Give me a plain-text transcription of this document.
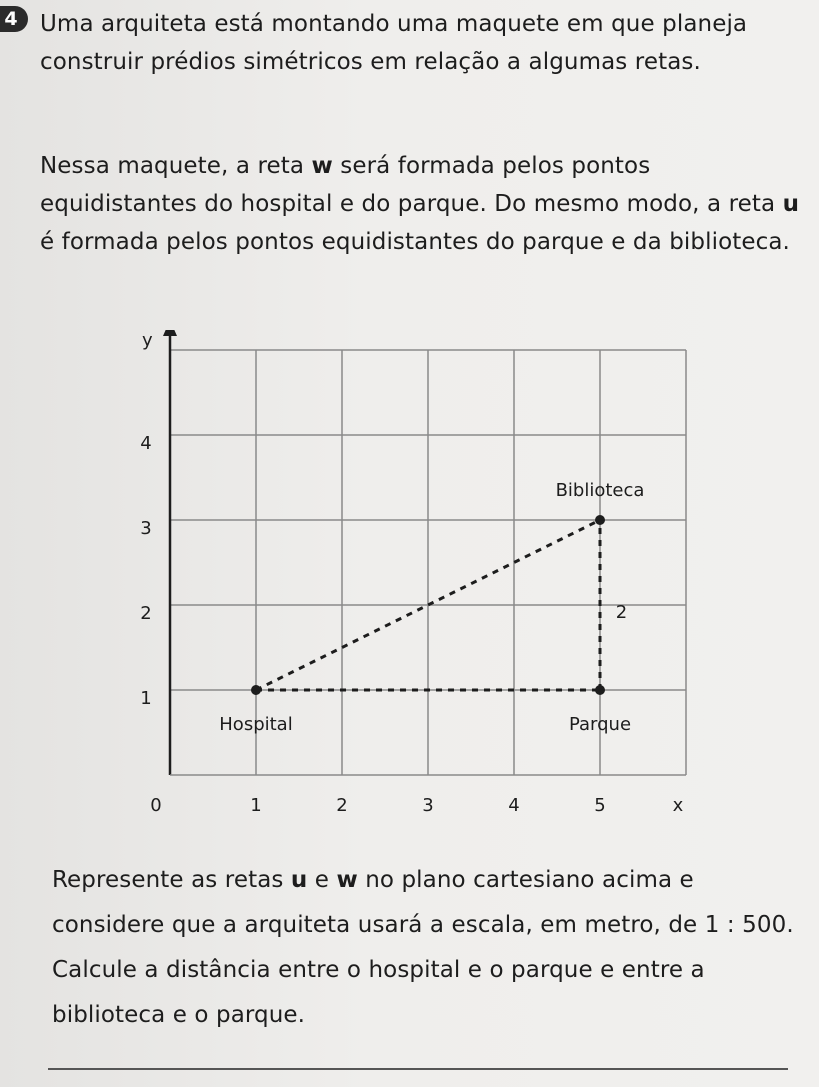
4 Uma arquiteta está montando uma maquete em que planeja construir prédios simétricos em relação a algumas retas.

Nessa maquete, a reta w será formada pelos pontos equidistantes do hospital e do parque. Do mesmo modo, a reta u é formada pelos pontos equidistantes do parque e da biblioteca.

y
x
0	1	2	3	4	5
1
2
3
4
Hospital	Parque
Biblioteca
2

Represente as retas u e w no plano cartesiano acima e considere que a arquiteta usará a escala, em metro, de 1 : 500. Calcule a distância entre o hospital e o parque e entre a biblioteca e o parque.
